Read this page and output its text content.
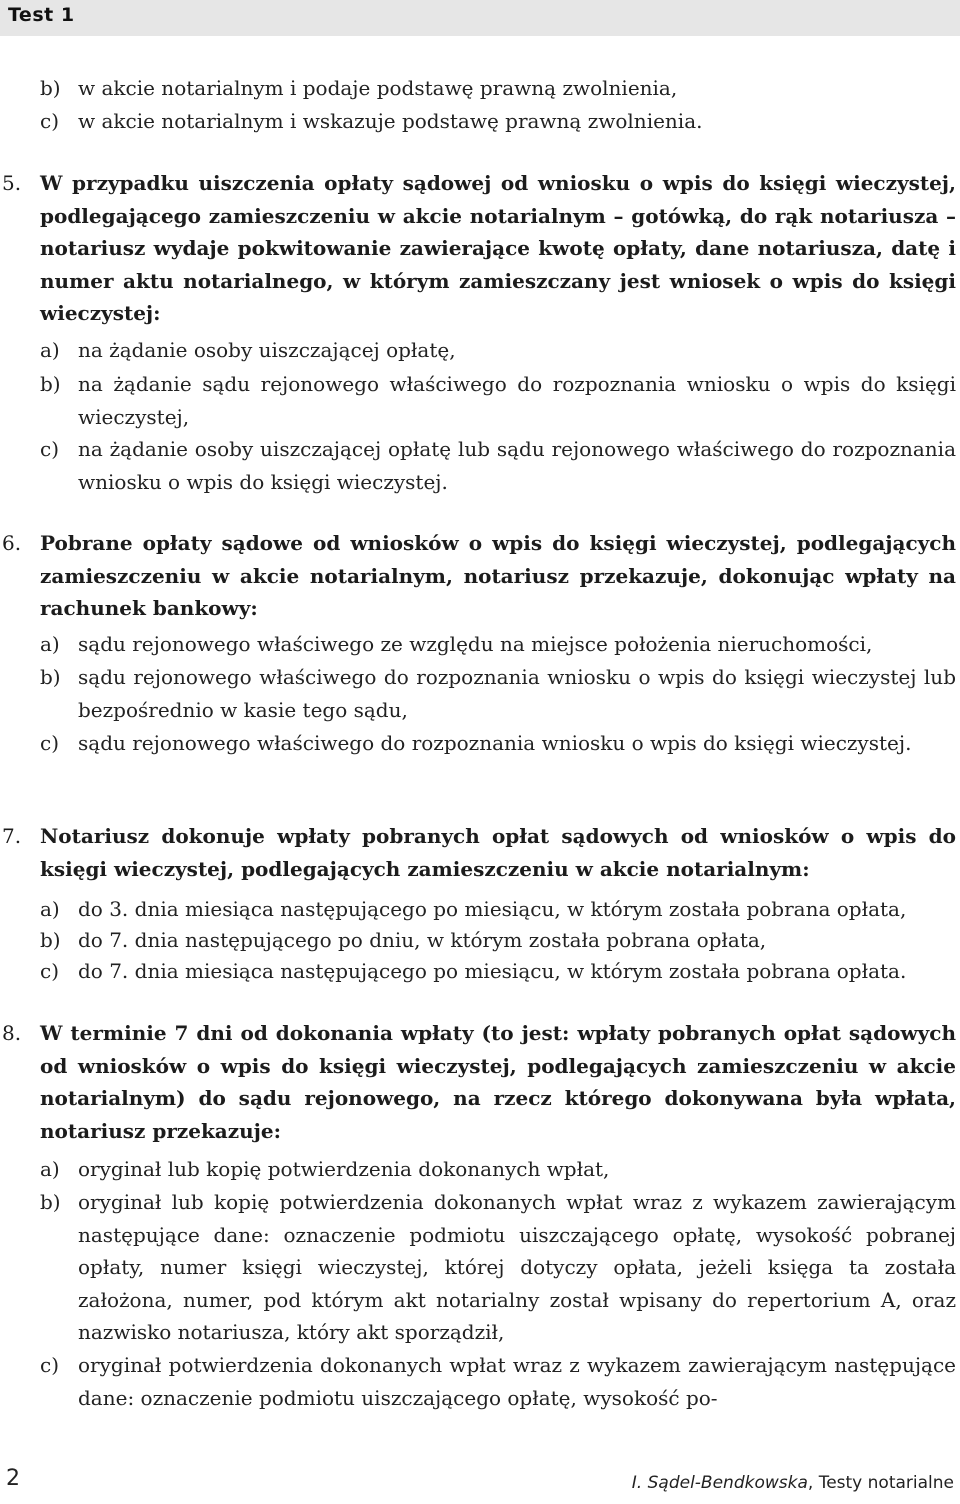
Test 1
b) w akcie notarialnym i podaje podstawę prawną zwolnienia,
c) w akcie notarialnym i wskazuje podstawę prawną zwolnienia.
5. W przypadku uiszczenia opłaty sądowej od wniosku o wpis do księgi wieczystej, podlegającego zamieszczeniu w akcie notarialnym – gotówką, do rąk notariusza – notariusz wydaje pokwitowanie zawierające kwotę opłaty, dane notariusza, datę i numer aktu notarialnego, w którym zamieszczany jest wniosek o wpis do księgi wieczystej:
a) na żądanie osoby uiszczającej opłatę,
b) na żądanie sądu rejonowego właściwego do rozpoznania wniosku o wpis do księgi wieczystej,
c) na żądanie osoby uiszczającej opłatę lub sądu rejonowego właściwego do rozpoznania wniosku o wpis do księgi wieczystej.
6. Pobrane opłaty sądowe od wniosków o wpis do księgi wieczystej, podlegających zamieszczeniu w akcie notarialnym, notariusz przekazuje, dokonując wpłaty na rachunek bankowy:
a) sądu rejonowego właściwego ze względu na miejsce położenia nieruchomości,
b) sądu rejonowego właściwego do rozpoznania wniosku o wpis do księgi wieczystej lub bezpośrednio w kasie tego sądu,
c) sądu rejonowego właściwego do rozpoznania wniosku o wpis do księgi wieczystej.
7. Notariusz dokonuje wpłaty pobranych opłat sądowych od wniosków o wpis do księgi wieczystej, podlegających zamieszczeniu w akcie notarialnym:
a) do 3. dnia miesiąca następującego po miesiącu, w którym została pobrana opłata,
b) do 7. dnia następującego po dniu, w którym została pobrana opłata,
c) do 7. dnia miesiąca następującego po miesiącu, w którym została pobrana opłata.
8. W terminie 7 dni od dokonania wpłaty (to jest: wpłaty pobranych opłat sądowych od wniosków o wpis do księgi wieczystej, podlegających zamieszczeniu w akcie notarialnym) do sądu rejonowego, na rzecz którego dokonywana była wpłata, notariusz przekazuje:
a) oryginał lub kopię potwierdzenia dokonanych wpłat,
b) oryginał lub kopię potwierdzenia dokonanych wpłat wraz z wykazem zawierającym następujące dane: oznaczenie podmiotu uiszczającego opłatę, wysokość pobranej opłaty, numer księgi wieczystej, której dotyczy opłata, jeżeli księga ta została założona, numer, pod którym akt notarialny został wpisany do repertorium A, oraz nazwisko notariusza, który akt sporządził,
c) oryginał potwierdzenia dokonanych wpłat wraz z wykazem zawierającym następujące dane: oznaczenie podmiotu uiszczającego opłatę, wysokość po-
2	I. Sądel-Bendkowska, Testy notarialne
